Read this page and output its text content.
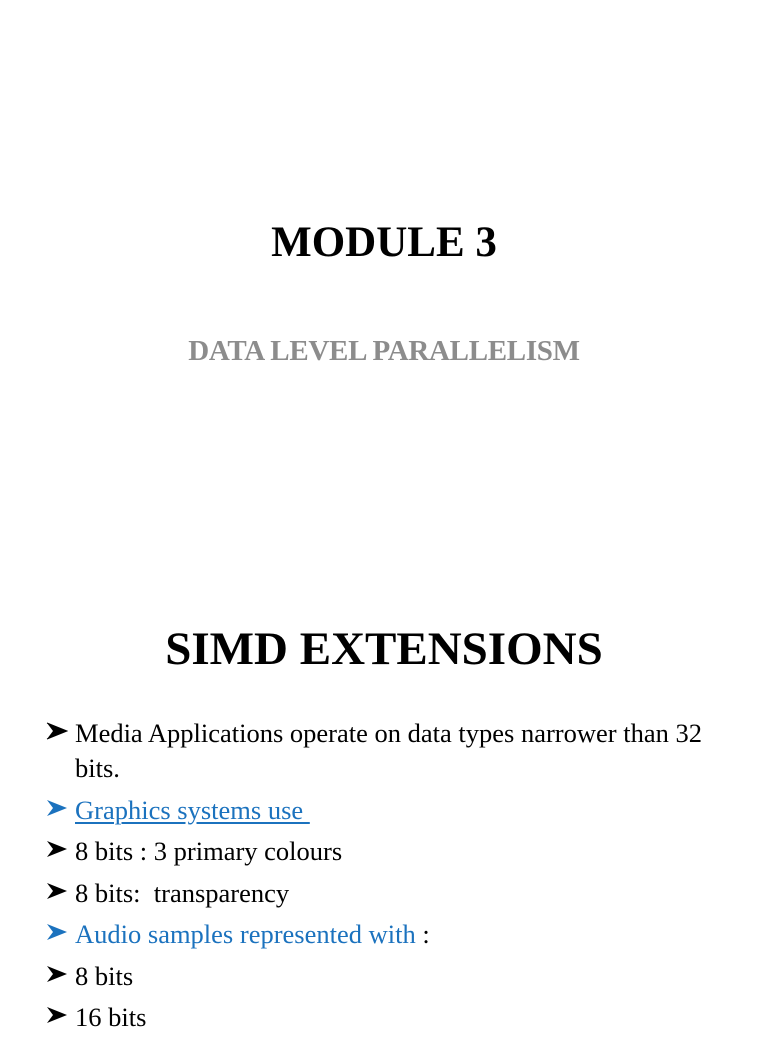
MODULE 3
DATA LEVEL PARALLELISM
SIMD EXTENSIONS
Media Applications operate on data types narrower than 32 bits.
Graphics systems use
8 bits : 3 primary colours
8 bits:  transparency
Audio samples represented with :
8 bits
16 bits
